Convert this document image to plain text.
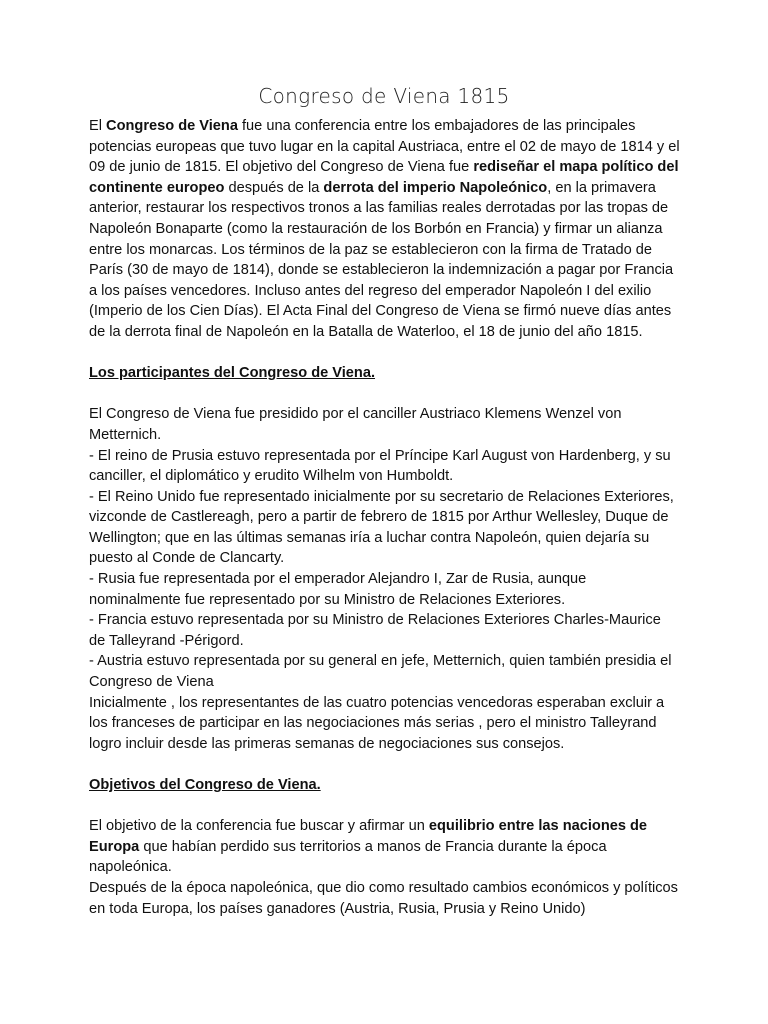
Congreso de Viena 1815

El Congreso de Viena fue una conferencia entre los embajadores de las principales potencias europeas que tuvo lugar en la capital Austriaca, entre el 02 de mayo de 1814 y el 09 de junio de 1815. El objetivo del Congreso de Viena fue rediseñar el mapa político del continente europeo después de la derrota del imperio Napoleónico, en la primavera anterior, restaurar los respectivos tronos a las familias reales derrotadas por las tropas de Napoleón Bonaparte (como la restauración de los Borbón en Francia) y firmar un alianza entre los monarcas. Los términos de la paz se establecieron con la firma de Tratado de París (30 de mayo de 1814), donde se establecieron la indemnización a pagar por Francia a los países vencedores. Incluso antes del regreso del emperador Napoleón I del exilio (Imperio de los Cien Días). El Acta Final del Congreso de Viena se firmó nueve días antes de la derrota final de Napoleón en la Batalla de Waterloo, el 18 de junio del año 1815.

Los participantes del Congreso de Viena.

El Congreso de Viena fue presidido por el canciller Austriaco Klemens Wenzel von Metternich.

- El reino de Prusia estuvo representada por el Príncipe Karl August von Hardenberg, y su canciller, el diplomático y erudito Wilhelm von Humboldt.

- El Reino Unido fue representado inicialmente por su secretario de Relaciones Exteriores, vizconde de Castlereagh, pero a partir de febrero de 1815 por Arthur Wellesley, Duque de Wellington; que en las últimas semanas iría a luchar contra Napoleón, quien dejaría su puesto al Conde de Clancarty.

- Rusia fue representada por el emperador Alejandro I, Zar de Rusia, aunque nominalmente fue representado por su Ministro de Relaciones Exteriores.

- Francia estuvo representada por su Ministro de Relaciones Exteriores Charles-Maurice de Talleyrand -Périgord.

- Austria estuvo representada por su general en jefe, Metternich, quien también presidia el Congreso de Viena

Inicialmente , los representantes de las cuatro potencias vencedoras esperaban excluir a los franceses de participar en las negociaciones más serias , pero el ministro Talleyrand logro incluir desde las primeras semanas de negociaciones sus consejos.

Objetivos del Congreso de Viena.

El objetivo de la conferencia fue buscar y afirmar un equilibrio entre las naciones de Europa que habían perdido sus territorios a manos de Francia durante la época napoleónica.

Después de la época napoleónica, que dio como resultado cambios económicos y políticos en toda Europa, los países ganadores (Austria, Rusia, Prusia y Reino Unido)
